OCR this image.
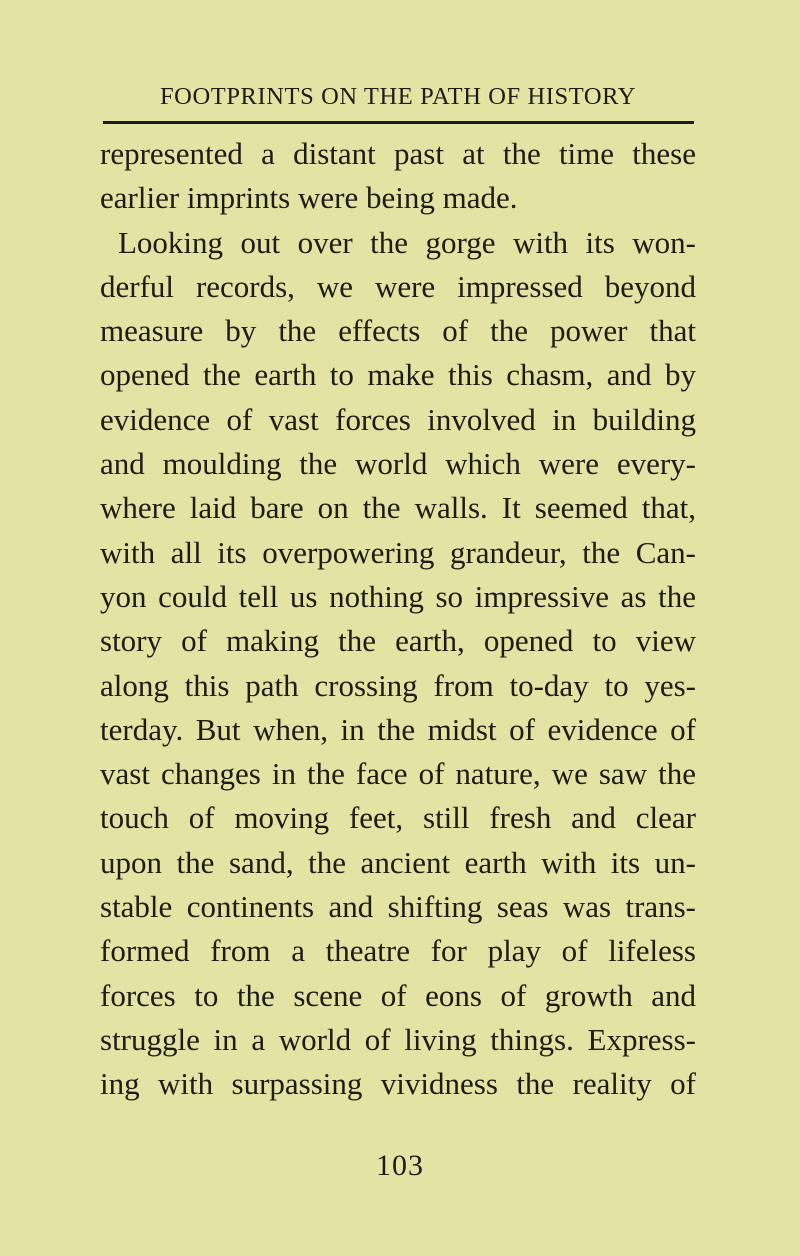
FOOTPRINTS ON THE PATH OF HISTORY
represented a distant past at the time these
earlier imprints were being made.
Looking out over the gorge with its won-
derful records, we were impressed beyond
measure by the effects of the power that
opened the earth to make this chasm, and by
evidence of vast forces involved in building
and moulding the world which were every-
where laid bare on the walls. It seemed that,
with all its overpowering grandeur, the Can-
yon could tell us nothing so impressive as the
story of making the earth, opened to view
along this path crossing from to-day to yes-
terday. But when, in the midst of evidence of
vast changes in the face of nature, we saw the
touch of moving feet, still fresh and clear
upon the sand, the ancient earth with its un-
stable continents and shifting seas was trans-
formed from a theatre for play of lifeless
forces to the scene of eons of growth and
struggle in a world of living things. Express-
ing with surpassing vividness the reality of
103
